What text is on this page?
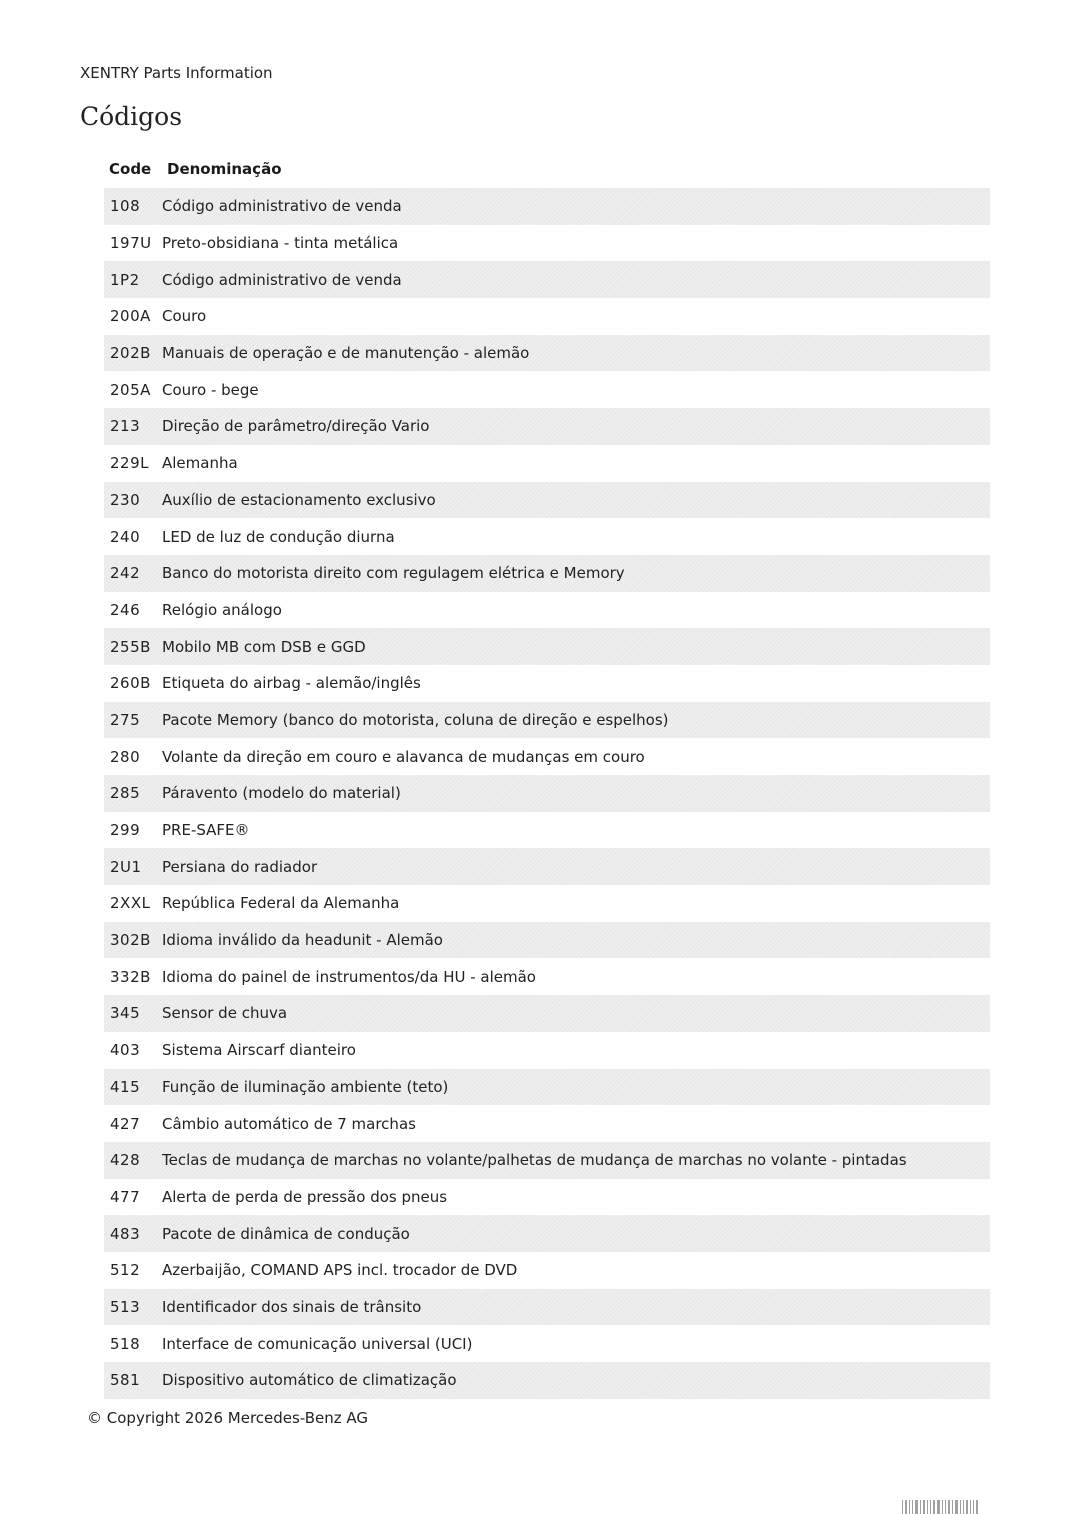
XENTRY Parts Information
Códigos
Code Denominação
108	Código administrativo de venda
197U Preto-obsidiana - tinta metálica
1P2	Código administrativo de venda
200A Couro
202B Manuais de operação e de manutenção - alemão
205A Couro - bege
213	Direção de parâmetro/direção Vario
229L Alemanha
230	Auxílio de estacionamento exclusivo
240	LED de luz de condução diurna
242	Banco do motorista direito com regulagem elétrica e Memory
246	Relógio análogo
255B Mobilo MB com DSB e GGD
260B Etiqueta do airbag - alemão/inglês
275	Pacote Memory (banco do motorista, coluna de direção e espelhos)
280	Volante da direção em couro e alavanca de mudanças em couro
285	Páravento (modelo do material)
299	PRE-SAFE®
2U1	Persiana do radiador
2XXL República Federal da Alemanha
302B Idioma inválido da headunit - Alemão
332B Idioma do painel de instrumentos/da HU - alemão
345	Sensor de chuva
403	Sistema Airscarf dianteiro
415	Função de iluminação ambiente (teto)
427	Câmbio automático de 7 marchas
428	Teclas de mudança de marchas no volante/palhetas de mudança de marchas no volante - pintadas
477	Alerta de perda de pressão dos pneus
483	Pacote de dinâmica de condução
512	Azerbaijão, COMAND APS incl. trocador de DVD
513	Identificador dos sinais de trânsito
518	Interface de comunicação universal (UCI)
581	Dispositivo automático de climatização
© Copyright 2026 Mercedes-Benz AG
